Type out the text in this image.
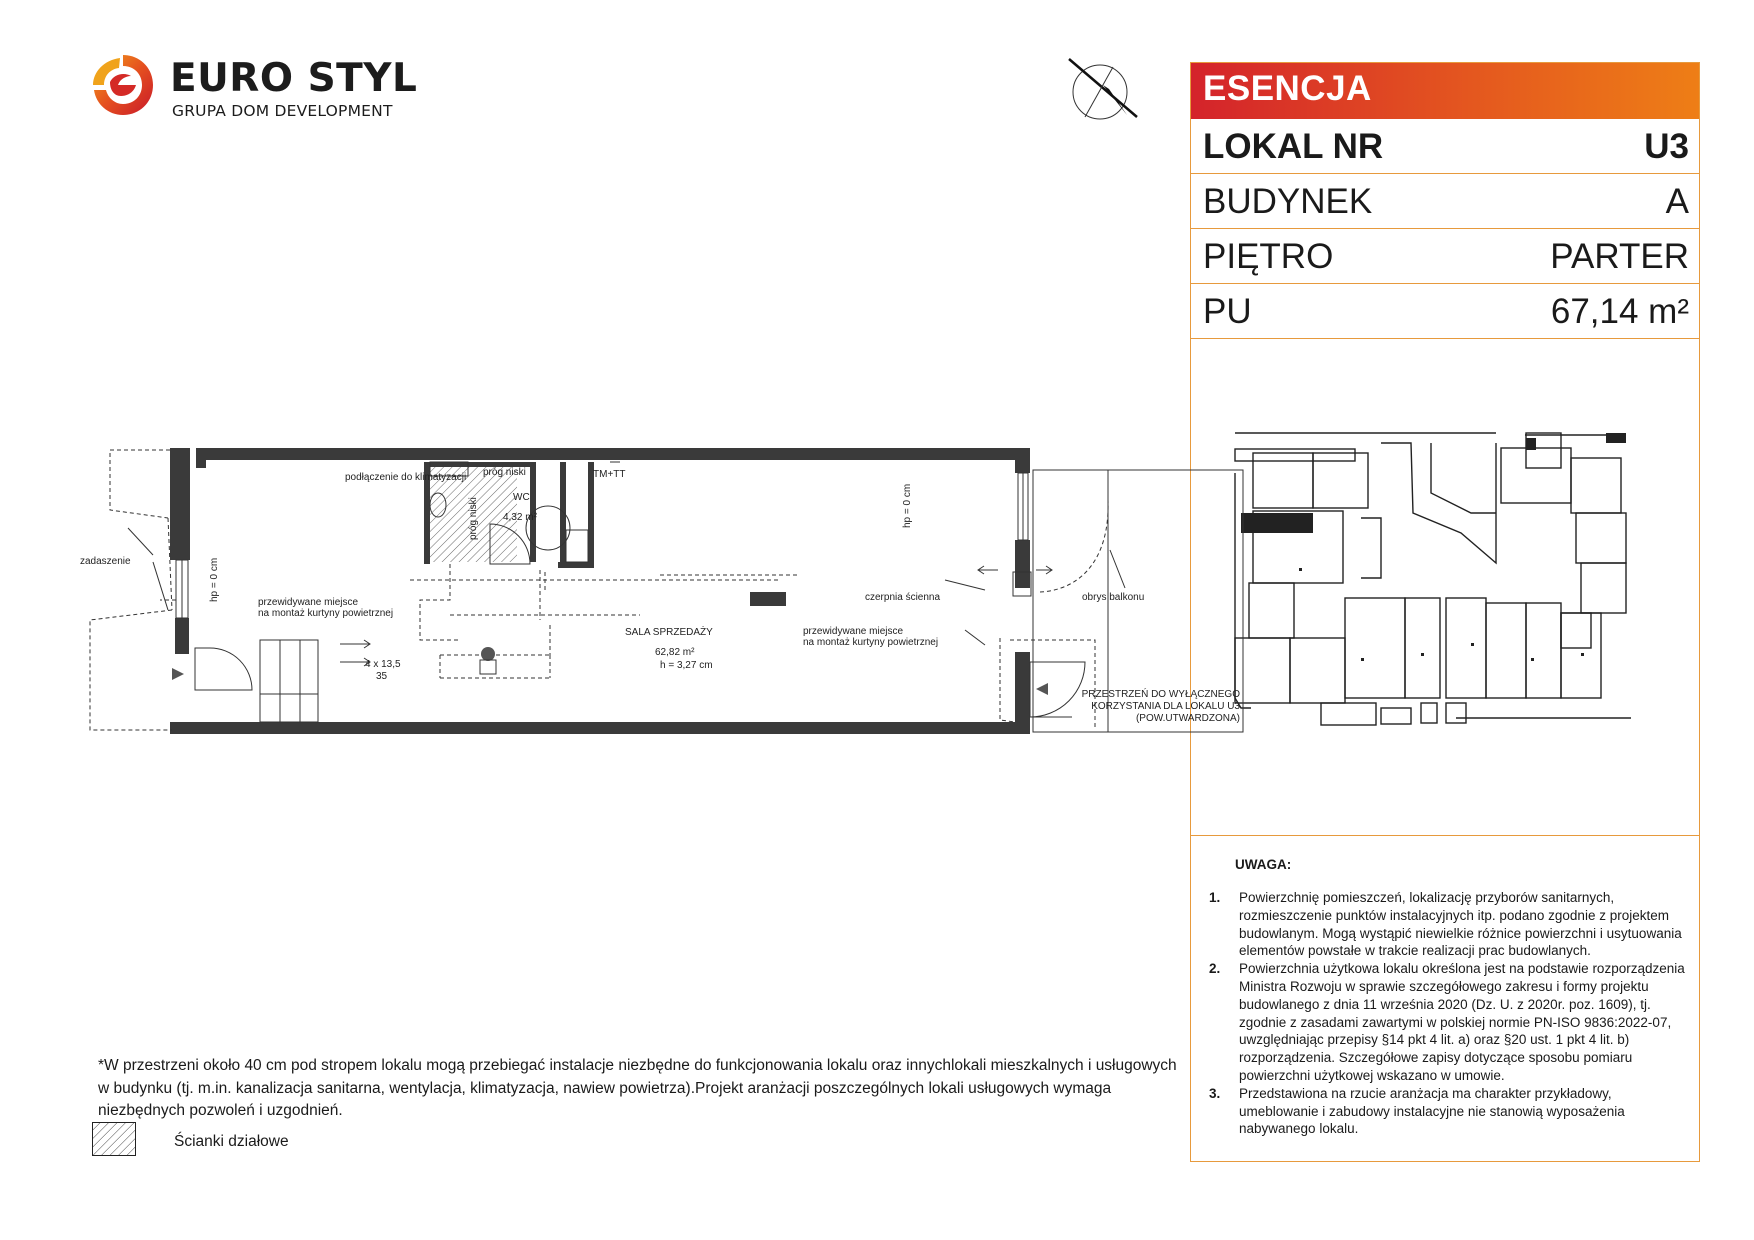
EURO STYL
GRUPA DOM DEVELOPMENT
ESENCJA
LOKAL NR	U3
BUDYNEK	A
PIĘTRO	PARTER
PU	67,14 m²
UWAGA:
1. Powierzchnię pomieszczeń, lokalizację przyborów sanitarnych, rozmieszczenie punktów instalacyjnych itp. podano zgodnie z projektem budowlanym. Mogą wystąpić niewielkie różnice powierzchni i usytuowania elementów powstałe w trakcie realizacji prac budowlanych.
2. Powierzchnia użytkowa lokalu określona jest na podstawie rozporządzenia Ministra Rozwoju w sprawie szczegółowego zakresu i formy projektu budowlanego z dnia 11 września 2020 (Dz. U. z 2020r. poz. 1609), tj. zgodnie z zasadami zawartymi w polskiej normie PN-ISO 9836:2022-07, uwzględniając przepisy §14 pkt 4 lit. a) oraz §20 ust. 1 pkt 4 lit. b) rozporządzenia. Szczegółowe zapisy dotyczące sposobu pomiaru powierzchni użytkowej wskazano w umowie.
3. Przedstawiona na rzucie aranżacja ma charakter przykładowy, umeblowanie i zabudowy instalacyjne nie stanowią wyposażenia nabywanego lokalu.
podłączenie do klimatyzacji próg niski
próg niski	WC
4,32 m²
TM+TT
hp = 0 cm
hp = 0 cm
zadaszenie
przewidywane miejsce
na montaż kurtyny powietrznej
przewidywane miejsce
na montaż kurtyny powietrznej
czerpnia ścienna	obrys balkonu
SALA SPRZEDAŻY
62,82 m²
h = 3,27 cm
4 x 13,5
35
PRZESTRZEŃ DO WYŁĄCZNEGO
KORZYSTANIA DLA LOKALU U3
(POW.UTWARDZONA)
*W przestrzeni około 40 cm pod stropem lokalu mogą przebiegać instalacje niezbędne do funkcjonowania lokalu oraz innychlokali mieszkalnych i usługowych w budynku (tj. m.in. kanalizacja sanitarna, wentylacja, klimatyzacja, nawiew powietrza).Projekt aranżacji poszczególnych lokali usługowych wymaga niezbędnych pozwoleń i uzgodnień.
Ścianki działowe
